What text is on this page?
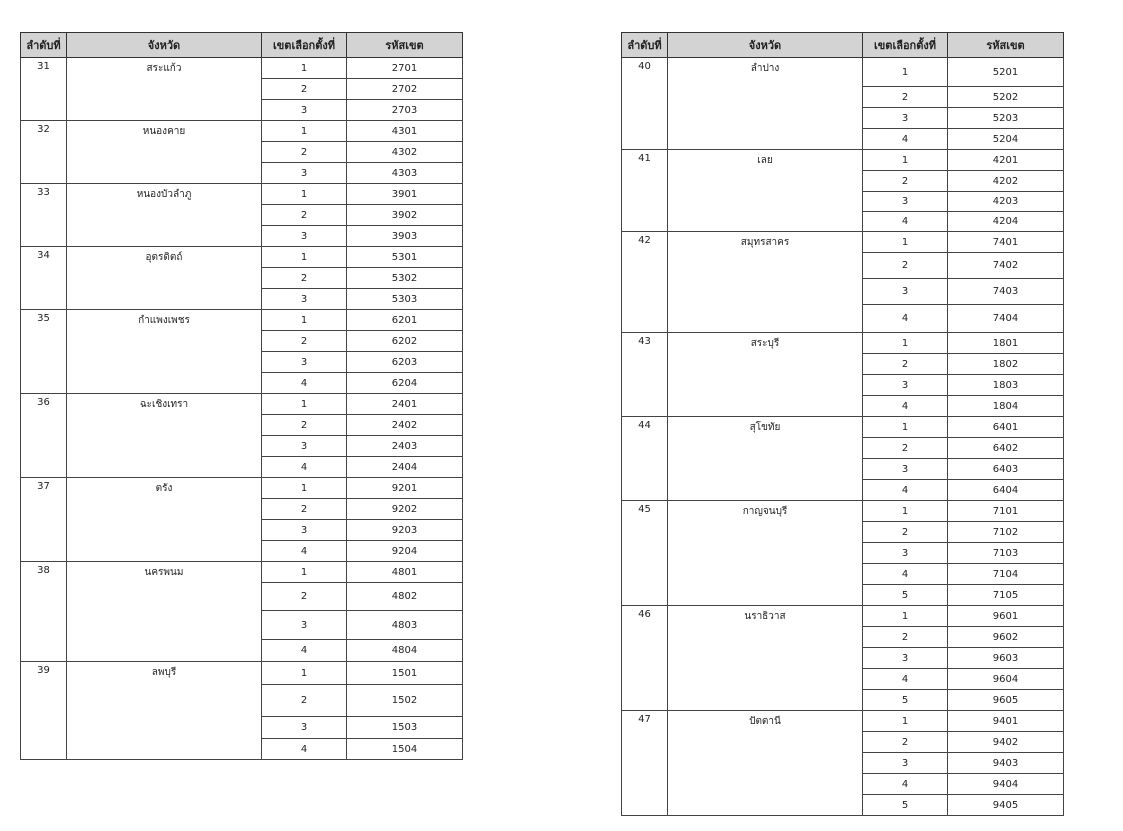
ลำดับที่	จังหวัด	เขตเลือกตั้งที่	รหัสเขต
31	สระแก้ว	1	2701
		2	2702
		3	2703
32	หนองคาย	1	4301
		2	4302
		3	4303
33	หนองบัวลำภู	1	3901
		2	3902
		3	3903
34	อุตรดิตถ์	1	5301
		2	5302
		3	5303
35	กำแพงเพชร	1	6201
		2	6202
		3	6203
		4	6204
36	ฉะเชิงเทรา	1	2401
		2	2402
		3	2403
		4	2404
37	ตรัง	1	9201
		2	9202
		3	9203
		4	9204
38	นครพนม	1	4801
		2	4802
		3	4803
		4	4804
39	ลพบุรี	1	1501
		2	1502
		3	1503
		4	1504
ลำดับที่	จังหวัด	เขตเลือกตั้งที่	รหัสเขต
40	ลำปาง	1	5201
		2	5202
		3	5203
		4	5204
41	เลย	1	4201
		2	4202
		3	4203
		4	4204
42	สมุทรสาคร	1	7401
		2	7402
		3	7403
		4	7404
43	สระบุรี	1	1801
		2	1802
		3	1803
		4	1804
44	สุโขทัย	1	6401
		2	6402
		3	6403
		4	6404
45	กาญจนบุรี	1	7101
		2	7102
		3	7103
		4	7104
		5	7105
46	นราธิวาส	1	9601
		2	9602
		3	9603
		4	9604
		5	9605
47	ปัตตานี	1	9401
		2	9402
		3	9403
		4	9404
		5	9405
